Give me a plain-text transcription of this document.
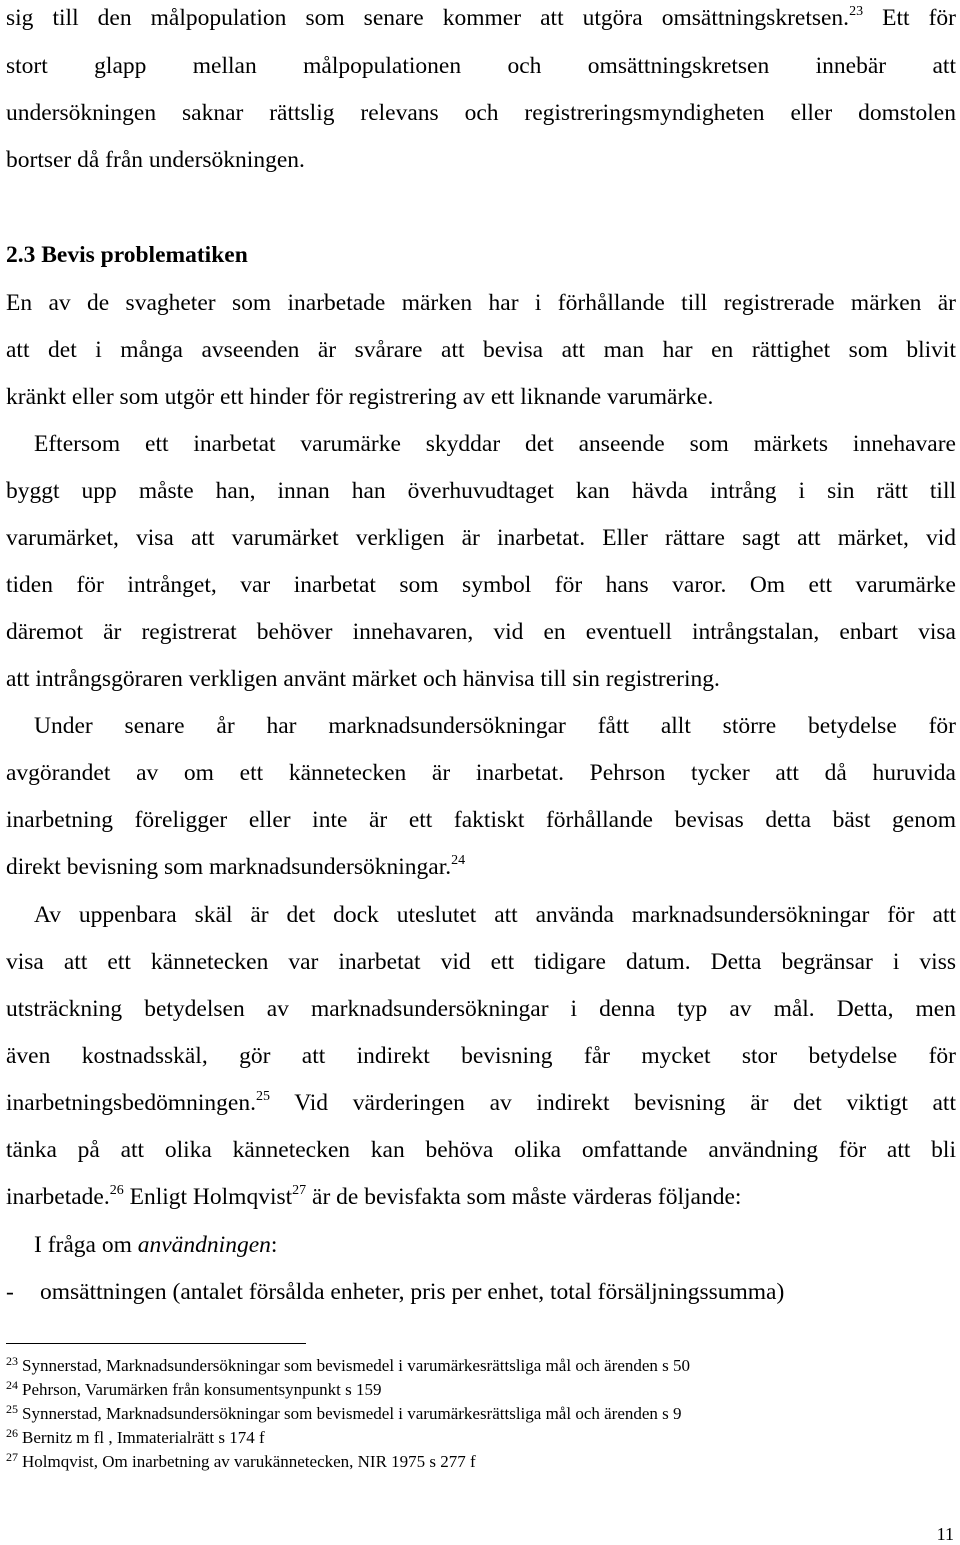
sig till den målpopulation som senare kommer att utgöra omsättningskretsen.$^{23}$ Ett för
stort glapp mellan målpopulationen och omsättningskretsen innebär att
undersökningen saknar rättslig relevans och registreringsmyndigheten eller domstolen
bortser då från undersökningen.
2.3 Bevis problematiken
En av de svagheter som inarbetade märken har i förhållande till registrerade märken är
att det i många avseenden är svårare att bevisa att man har en rättighet som blivit
kränkt eller som utgör ett hinder för registrering av ett liknande varumärke.
Eftersom ett inarbetat varumärke skyddar det anseende som märkets innehavare
byggt upp måste han, innan han överhuvudtaget kan hävda intrång i sin rätt till
varumärket, visa att varumärket verkligen är inarbetat. Eller rättare sagt att märket, vid
tiden för intrånget, var inarbetat som symbol för hans varor. Om ett varumärke
däremot är registrerat behöver innehavaren, vid en eventuell intrångstalan, enbart visa
att intrångsgöraren verkligen använt märket och hänvisa till sin registrering.
Under senare år har marknadsundersökningar fått allt större betydelse för
avgörandet av om ett kännetecken är inarbetat. Pehrson tycker att då huruvida
inarbetning föreligger eller inte är ett faktiskt förhållande bevisas detta bäst genom
direkt bevisning som marknadsundersökningar.$^{24}$
Av uppenbara skäl är det dock uteslutet att använda marknadsundersökningar för att
visa att ett kännetecken var inarbetat vid ett tidigare datum. Detta begränsar i viss
utsträckning betydelsen av marknadsundersökningar i denna typ av mål. Detta, men
även kostnadsskäl, gör att indirekt bevisning får mycket stor betydelse för
inarbetningsbedömningen.$^{25}$ Vid värderingen av indirekt bevisning är det viktigt att
tänka på att olika kännetecken kan behöva olika omfattande användning för att bli
inarbetade.$^{26}$ Enligt Holmqvist$^{27}$ är de bevisfakta som måste värderas följande:
I fråga om användningen:
-	omsättningen (antalet försålda enheter, pris per enhet, total försäljningssumma)
$^{23}$ Synnerstad, Marknadsundersökningar som bevismedel i varumärkesrättsliga mål och ärenden s 50
$^{24}$ Pehrson, Varumärken från konsumentsynpunkt s 159
$^{25}$ Synnerstad, Marknadsundersökningar som bevismedel i varumärkesrättsliga mål och ärenden s 9
$^{26}$ Bernitz m fl , Immaterialrätt s 174 f
$^{27}$ Holmqvist, Om inarbetning av varukännetecken, NIR 1975 s 277 f
11
